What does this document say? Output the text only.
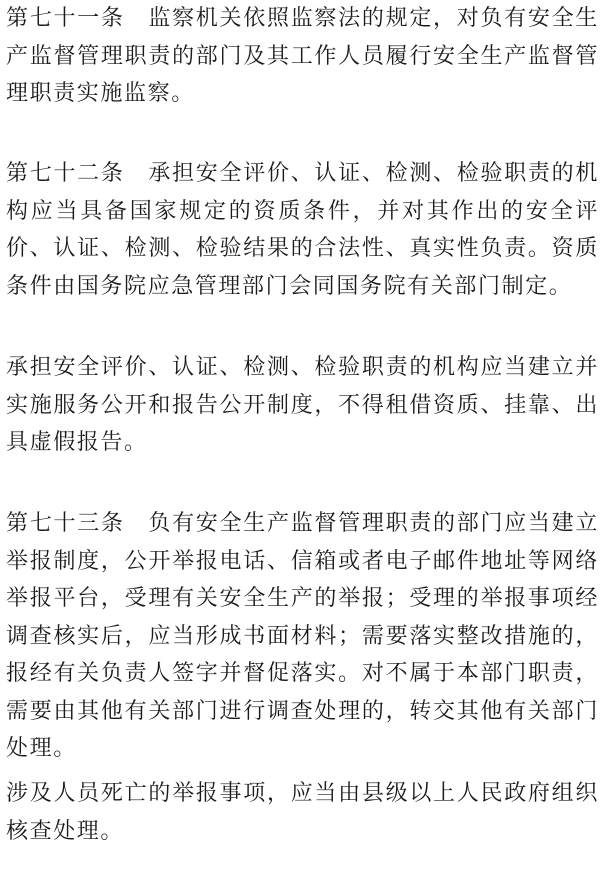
第七十一条　监察机关依照监察法的规定，对负有安全生产监督管理职责的部门及其工作人员履行安全生产监督管理职责实施监察。

第七十二条　承担安全评价、认证、检测、检验职责的机构应当具备国家规定的资质条件，并对其作出的安全评价、认证、检测、检验结果的合法性、真实性负责。资质条件由国务院应急管理部门会同国务院有关部门制定。

承担安全评价、认证、检测、检验职责的机构应当建立并实施服务公开和报告公开制度，不得租借资质、挂靠、出具虚假报告。

第七十三条　负有安全生产监督管理职责的部门应当建立举报制度，公开举报电话、信箱或者电子邮件地址等网络举报平台，受理有关安全生产的举报；受理的举报事项经调查核实后，应当形成书面材料；需要落实整改措施的，报经有关负责人签字并督促落实。对不属于本部门职责，需要由其他有关部门进行调查处理的，转交其他有关部门处理。

涉及人员死亡的举报事项，应当由县级以上人民政府组织核查处理。
